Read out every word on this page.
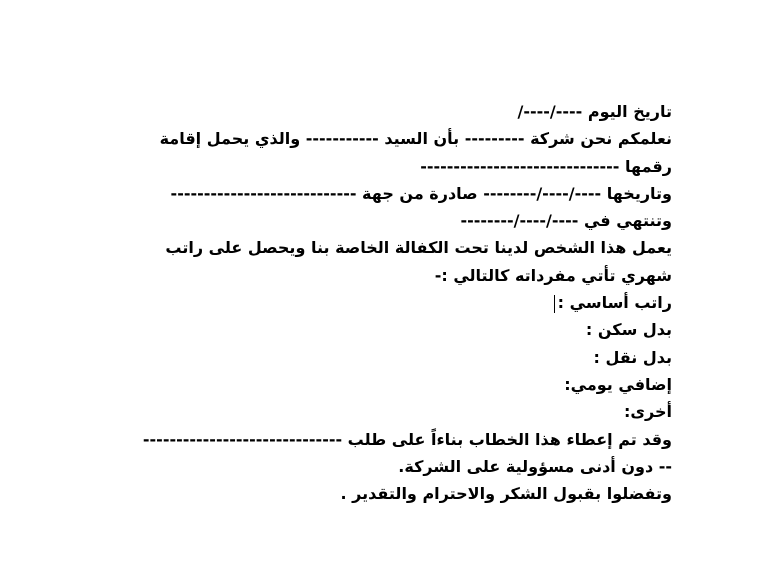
تاريخ اليوم ----/----/
نعلمكم نحن شركة --------- بأن السيد ----------- والذي يحمل إقامة
رقمها ------------------------------
وتاريخها ----/----/-------- صادرة من جهة ----------------------------
وتنتهي في ----/----/--------
يعمل هذا الشخص لدينا تحت الكفالة الخاصة بنا ويحصل على راتب
شهري تأتي مفرداته كالتالي :-
راتب أساسي :
بدل سكن :
بدل نقل :
إضافي يومي:
أخرى:
وقد تم إعطاء هذا الخطاب بناءاً على طلب ------------------------------
-- دون أدنى مسؤولية على الشركة.
وتفضلوا بقبول الشكر والاحترام والتقدير .
